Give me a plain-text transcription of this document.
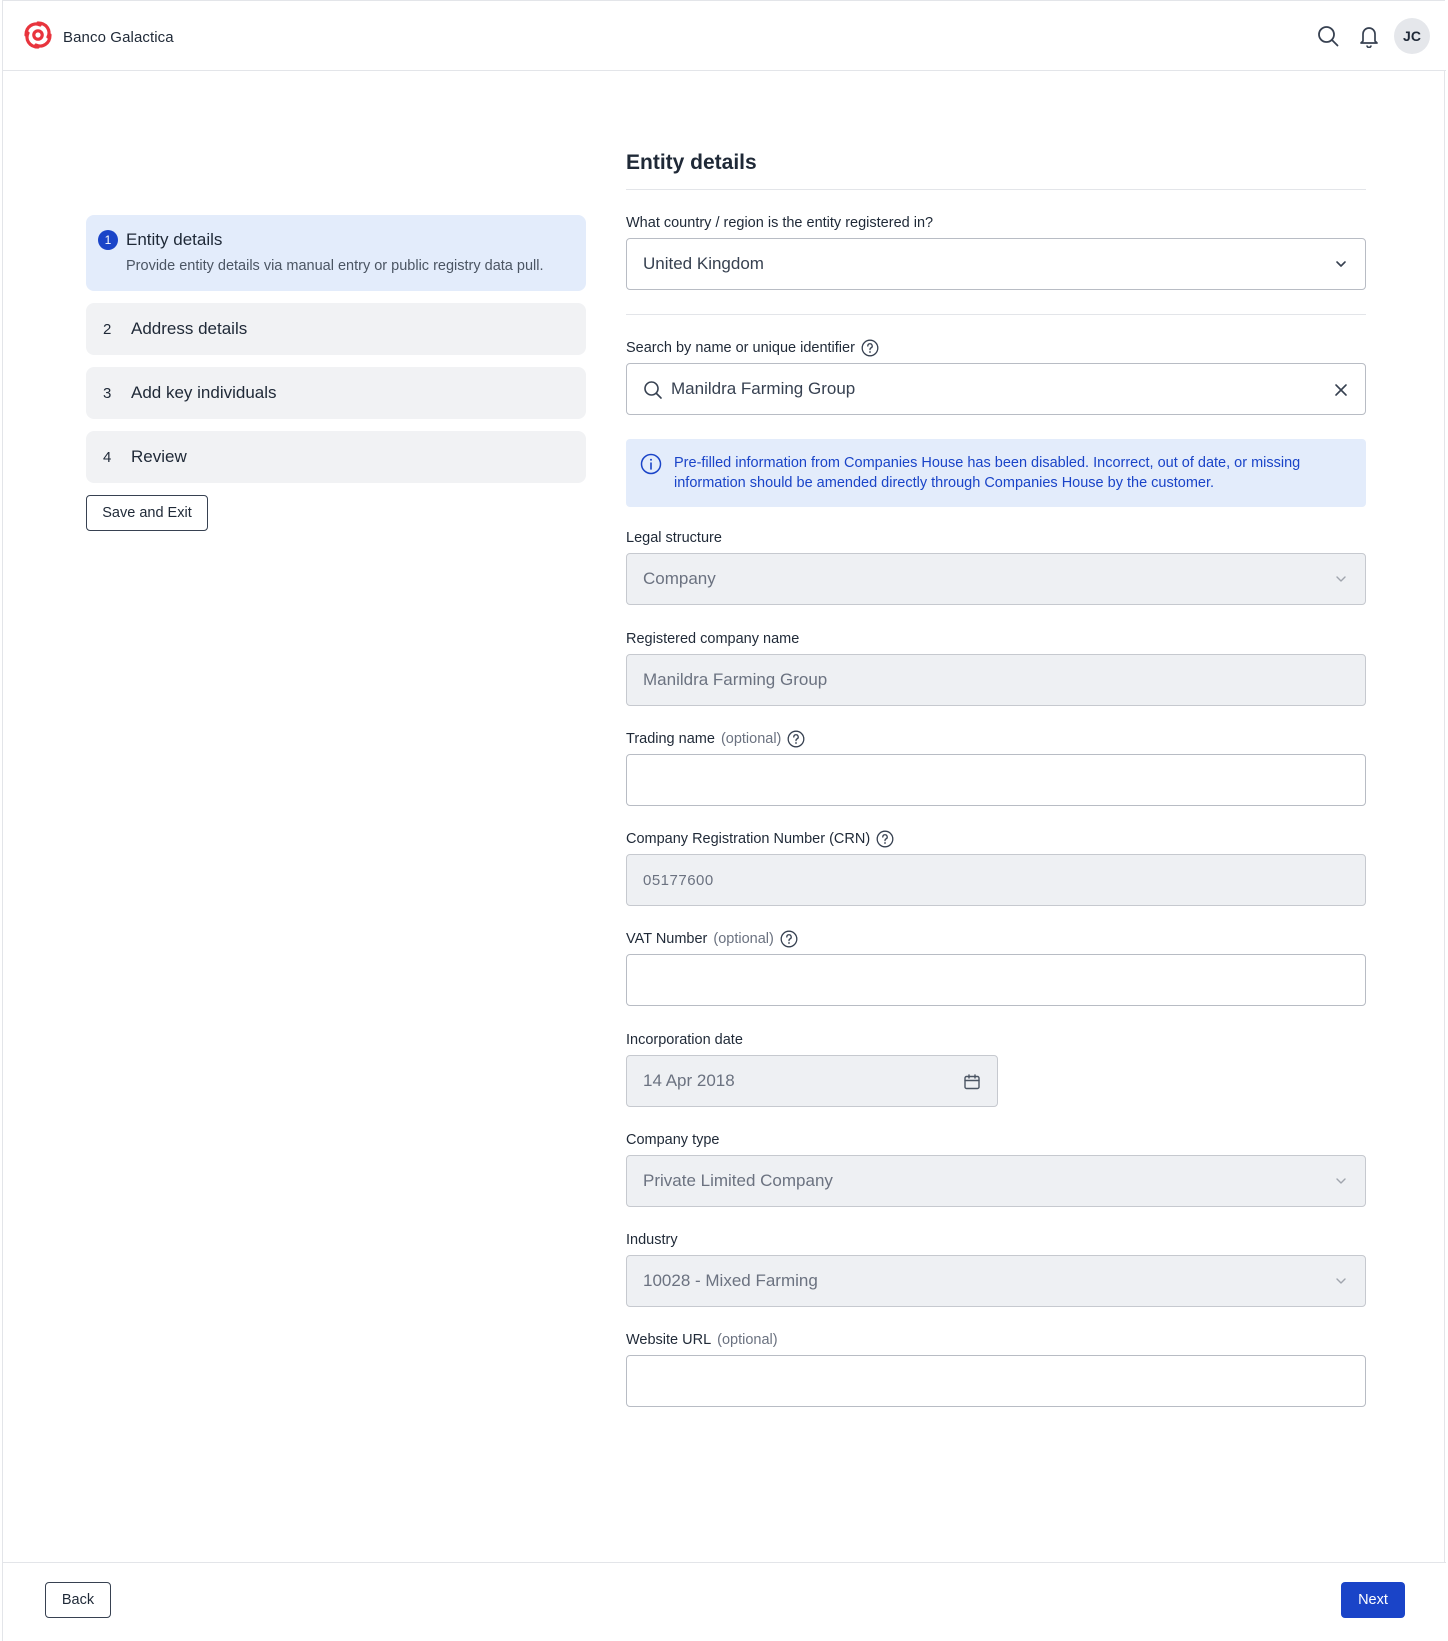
Banco Galactica	JC
1 Entity details
Provide entity details via manual entry or public registry data pull.
2	Address details
3	Add key individuals
4	Review
Save and Exit
Entity details
What country / region is the entity registered in?
United Kingdom
Search by name or unique identifier
Manildra Farming Group
Pre-filled information from Companies House has been disabled. Incorrect, out of date, or missing information should be amended directly through Companies House by the customer.
Legal structure
Company
Registered company name
Manildra Farming Group
Trading name (optional)
Company Registration Number (CRN)
05177600
VAT Number (optional)
Incorporation date
14 Apr 2018
Company type
Private Limited Company
Industry
10028 - Mixed Farming
Website URL (optional)
Back	Next
